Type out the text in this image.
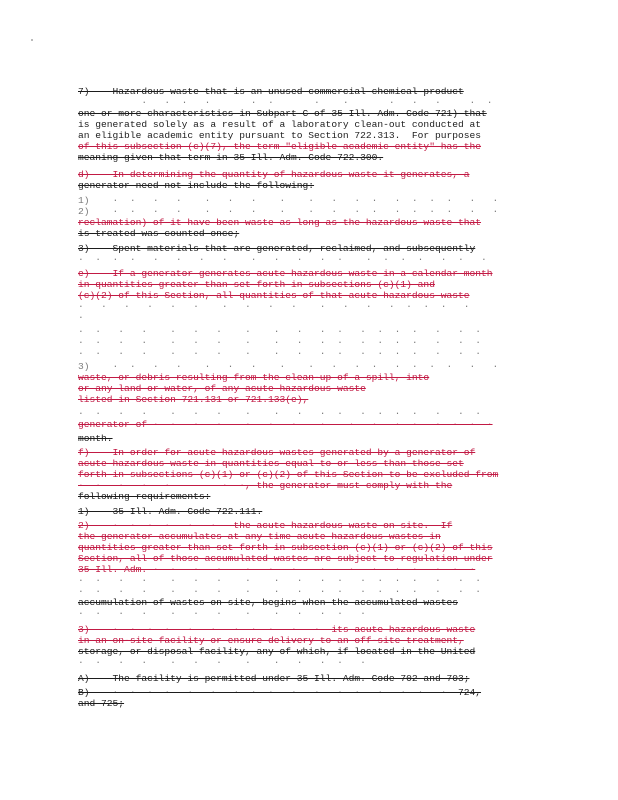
7)    Hazardous waste that is an unused commercial chemical product
·   ·  ·   ·       ·  ·       ·    ·       ·   ·   ·     ·  ·
one or more characteristics in Subpart C of 35 Ill. Adm. Code 721) that
is generated solely as a result of a laboratory clean-out conducted at
an eligible academic entity pursuant to Section 722.313.  For purposes
of this subsection (c)(7), the term "eligible academic entity" has the
meaning given that term in 35 Ill. Adm. Code 722.300.
d)    In determining the quantity of hazardous waste it generates, a
generator need not include the following:
1)    ·  ·   ·   ·    ·   ·   ·    ·    ·   ·   ·  ·   ·  ·  ·  ·   ·   ·
2)    ·  ·   ·   ·    ·   ·   ·    ·    ·   ·   ·  ·   ·  ·  ·  ·   ·   ·
reclamation) of it have been waste as long as the hazardous waste that
is treated was counted once;
3)    Spent materials that are generated, reclaimed, and subsequently
·  ·  ·  ·   ·   ·   ·   ·    ·   ·   ·   ·  ·    ·  ·  ·  ·   ·  ·   ·
e)    If a generator generates acute hazardous waste in a calendar month
in quantities greater than set forth in subsections (c)(1) and
(c)(2) of this Section, all quantities of that acute hazardous waste
·   ·   ·   ·   ·   ·    ·   ·   ·   ·    ·   ·   ·   ·  ·  ·  ·   ·
·
·  ·   ·   ·    ·   ·   ·    ·    ·   ·   ·  ·   ·  ·  ·  ·   ·   ·  ·
·  ·   ·   ·    ·   ·   ·    ·    ·   ·   ·  ·   ·  ·  ·  ·   ·   ·  ·
·  ·   ·   ·    ·   ·   ·    ·    ·   ·   ·  ·   ·  ·  ·  ·   ·   ·  ·
3)    ·  ·   ·   ·    ·   ·   ·    ·    ·   ·   ·  ·   ·  ·  ·  ·   ·   ·
waste, or debris resulting from the clean-up of a spill, into
or any land or water, of any acute hazardous waste
listed in Section 721.131 or 721.133(e),
·  ·   ·   ·    ·   ·   ·    ·    ·   ·   ·  ·   ·  ·  ·  ·   ·   ·  ·
generator of ·  ·   ·   ·    ·   ·   ·    ·    ·   ·   ·  ·   ·  ·  ·  ·
month.
f)    In order for acute hazardous wastes generated by a generator of
acute hazardous waste in quantities equal to or less than those set
forth in subsections (c)(1) or (c)(2) of this Section to be excluded from
·  ·   ·   ·   ·         ·  ·, the generator must comply with the
following requirements:
1)    35 Ill. Adm. Code 722.111.
2)    ·  ·  ·  ·   ·   ·   the acute hazardous waste on site.  If
the generator accumulates at any time acute hazardous wastes in
quantities greater than set forth in subsection (c)(1) or (c)(2) of this
Section, all of those accumulated wastes are subject to regulation under
35 Ill. Adm. ·  ·   ·   ·    ·   ·   ·    ·    ·   ·   ·  ·   ·  ·  ·
·  ·   ·   ·    ·   ·   ·    ·    ·   ·   ·  ·   ·  ·  ·  ·   ·   ·  ·
·  ·   ·   ·    ·   ·   ·    ·    ·   ·   ·  ·   ·  ·  ·  ·   ·   ·  ·
accumulation of wastes on site, begins when the accumulated wastes
·  ·   ·   ·    ·   ·   ·    ·    ·   ·   ·  ·   ·
3)    ·  ·  ·  ·   ·   ·   ·  ·  ·   ·   ·  its acute hazardous waste
in an on-site facility or ensure delivery to an off-site treatment,
storage, or disposal facility, any of which, if located in the United
·  ·   ·   ·    ·   ·   ·    ·    ·   ·   ·  ·   ·
A)    The facility is permitted under 35 Ill. Adm. Code 702 and 703;
B)    ·  ·  ·  ·   ·   ·   ·  ·  ·   ·   ·   ·  ·   ·   ·  ·   ·  724,
and 725;
